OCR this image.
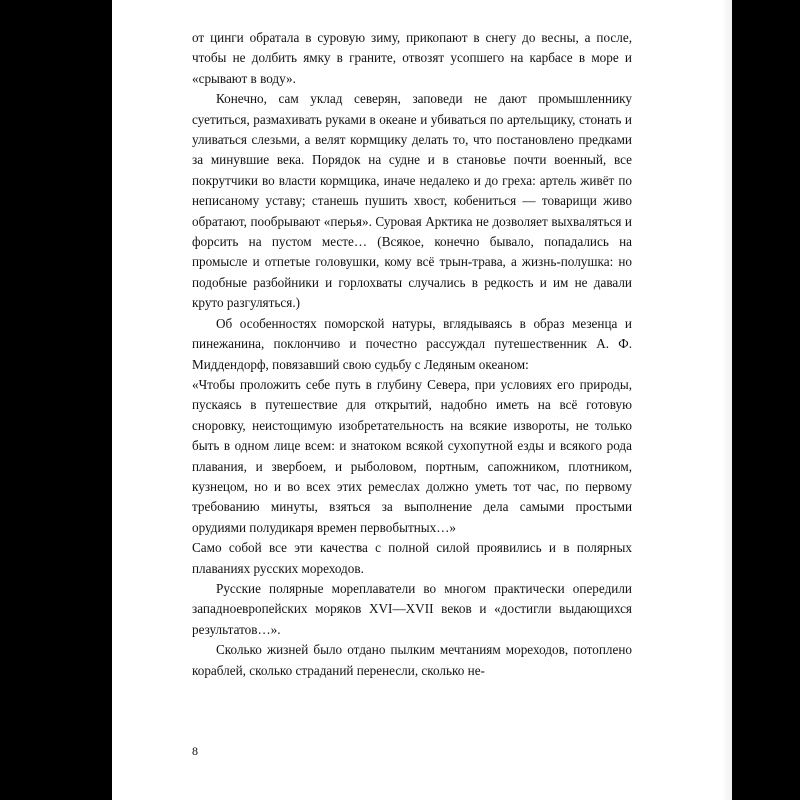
от цинги обратала в суровую зиму, прикопают в снегу до весны, а после, чтобы не долбить ямку в граните, отвозят усопшего на карбасе в море и «срывают в воду».

Конечно, сам уклад северян, заповеди не дают промышленнику суетиться, размахивать руками в океане и убиваться по артельщику, стонать и уливаться слезьми, а велят кормщику делать то, что постановлено предками за минувшие века. Порядок на судне и в становье почти военный, все покрутчики во власти кормщика, иначе недалеко и до греха: артель живёт по неписаному уставу; станешь пушить хвост, кобениться — товарищи живо обратают, пообрывают «перья». Суровая Арктика не дозволяет выхваляться и форсить на пустом месте… (Всякое, конечно бывало, попадались на промысле и отпетые головушки, кому всё трын-трава, а жизнь-полушка: но подобные разбойники и горлохваты случались в редкость и им не давали круто разгуляться.)

Об особенностях поморской натуры, вглядываясь в образ мезенца и пинежанина, поклончиво и почестно рассуждал путешественник А. Ф. Миддендорф, повязавший свою судьбу с Ледяным океаном:

«Чтобы проложить себе путь в глубину Севера, при условиях его природы, пускаясь в путешествие для открытий, надобно иметь на всё готовую сноровку, неистощимую изобретательность на всякие извороты, не только быть в одном лице всем: и знатоком всякой сухопутной езды и всякого рода плавания, и звербоем, и рыболовом, портным, сапожником, плотником, кузнецом, но и во всех этих ремеслах должно уметь тот час, по первому требованию минуты, взяться за выполнение дела самыми простыми орудиями полудикаря времен первобытных…»

Само собой все эти качества с полной силой проявились и в полярных плаваниях русских мореходов.

Русские полярные мореплаватели во многом практически опередили западноевропейских моряков XVI—XVII веков и «достигли выдающихся результатов…».

Сколько жизней было отдано пылким мечтаниям мореходов, потоплено кораблей, сколько страданий перенесли, сколько не-

8
